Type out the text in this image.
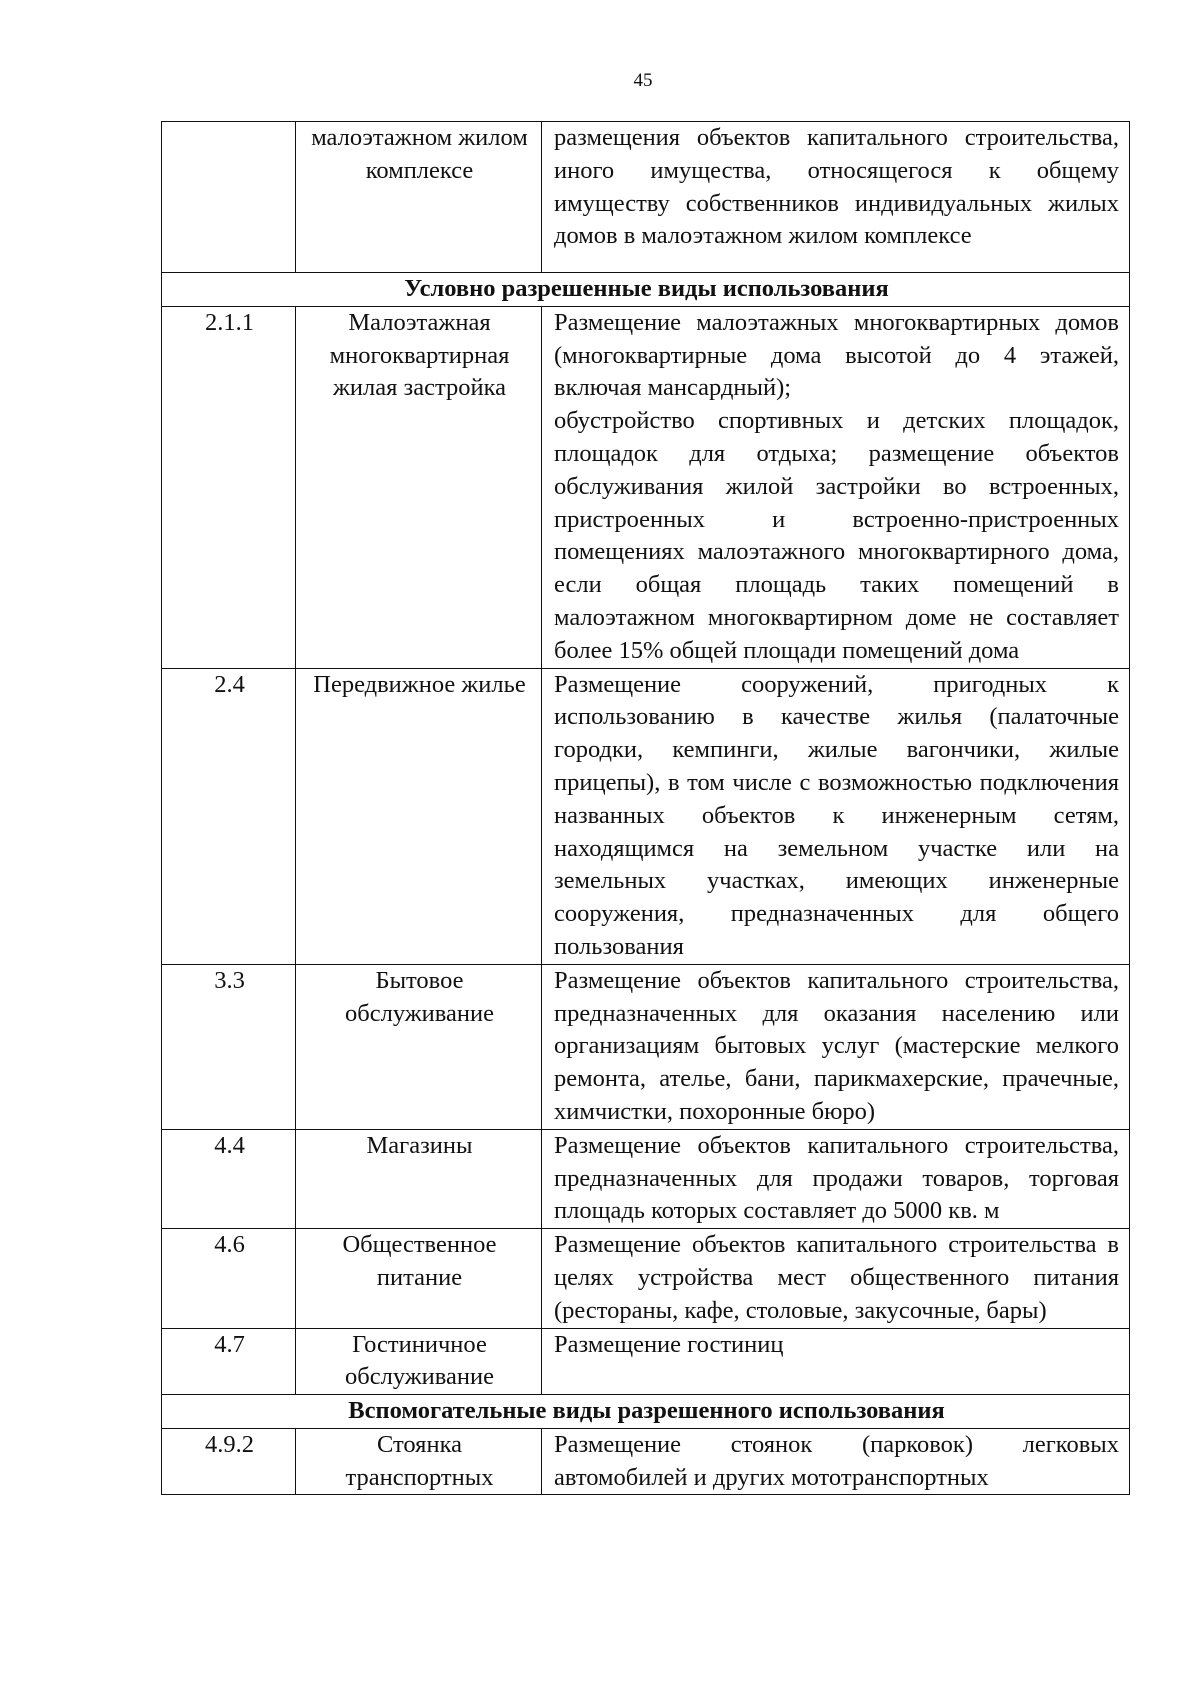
45
	малоэтажном жилом комплексе	размещения объектов капитального строительства, иного имущества, относящегося к общему имуществу собственников индивидуальных жилых домов в малоэтажном жилом комплексе

Условно разрешенные виды использования		
2.1.1	Малоэтажная многоквартирная жилая застройка	Размещение малоэтажных многоквартирных домов (многоквартирные дома высотой до 4 этажей, включая мансардный);

обустройство спортивных и детских площадок, площадок для отдыха; размещение объектов обслуживания жилой застройки во встроенных, пристроенных и встроенно-пристроенных помещениях малоэтажного многоквартирного дома, если общая площадь таких помещений в малоэтажном многоквартирном доме не составляет более 15% общей площади помещений дома

2.4	Передвижное жилье	Размещение сооружений, пригодных к использованию в качестве жилья (палаточные городки, кемпинги, жилые вагончики, жилые прицепы), в том числе с возможностью подключения названных объектов к инженерным сетям, находящимся на земельном участке или на земельных участках, имеющих инженерные сооружения, предназначенных для общего пользования

3.3	Бытовое обслуживание	Размещение объектов капитального строительства, предназначенных для оказания населению или организациям бытовых услуг (мастерские мелкого ремонта, ателье, бани, парикмахерские, прачечные, химчистки, похоронные бюро)

4.4	Магазины	Размещение объектов капитального строительства, предназначенных для продажи товаров, торговая площадь которых составляет до 5000 кв. м

4.6	Общественное питание	Размещение объектов капитального строительства в целях устройства мест общественного питания (рестораны, кафе, столовые, закусочные, бары)

4.7	Гостиничное обслуживание	Размещение гостиниц

Вспомогательные виды разрешенного использования		
4.9.2	Стоянка транспортных	Размещение стоянок (парковок) легковых автомобилей и других мототранспортных
